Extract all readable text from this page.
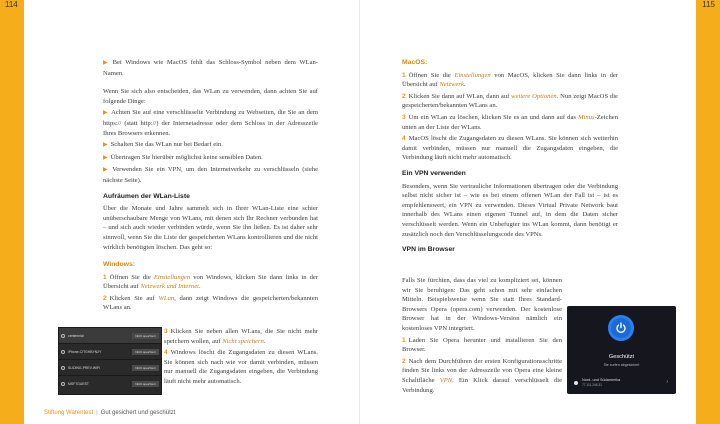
114	115

▶ Bei Windows wie MacOS fehlt das Schloss-Symbol neben dem WLan-Namen.

Wenn Sie sich also entscheiden, das WLan zu verwenden, dann achten Sie auf folgende Dinge:

▶ Achten Sie auf eine verschlüsselte Verbindung zu Webseiten, die Sie an dem https:// (statt http://) der Internetadresse oder dem Schloss in der Adresszeile Ihres Browsers erkennen.

▶ Schalten Sie das WLan nur bei Bedarf ein.

▶ Übertragen Sie hierüber möglichst keine sensiblen Daten.

▶ Verwenden Sie ein VPN, um den Internetverkehr zu verschlüsseln (siehe nächste Seite).

Aufräumen der WLan-Liste

Über die Monate und Jahre sammelt sich in Ihrer WLan-Liste eine schier unüberschaubare Menge von WLans, mit denen sich Ihr Rechner verbunden hat – und sich auch wieder verbinden würde, wenn Sie ihn ließen. Es ist daher sehr sinnvoll, wenn Sie die Liste der gespeicherten WLans kontrollieren und die nicht wirklich benötigten löschen. Das geht so:

Windows:

1 Öffnen Sie die Einstellungen von Windows, klicken Sie dann links in der Übersicht auf Netzwerk und Internet.

2 Klicken Sie auf WLan, dann zeigt Windows die gespeicherten/bekannten WLans an.

3 Klicken Sie neben allen WLans, die Sie nicht mehr speichern wollen, auf Nicht speichern.

4 Windows löscht die Zugangsdaten zu diesen WLans. Sie können sich nach wie vor damit verbinden, müssen nur manuell die Zugangsdaten eingeben, die Verbindung läuft nicht mehr automatisch.

centennial	Nicht speichern
iPhone-CITGHBYN2Y	Nicht speichern
SLIDING-PREV-WIFI	Nicht speichern
MSFTGUEST	Nicht speichern
MacOS:

1 Öffnen Sie die Einstellungen von MacOS, klicken Sie dann links in der Übersicht auf Netzwerk.

2 Klicken Sie dann auf WLan, dann auf weitere Optionen. Nun zeigt MacOS die gespeicherten/bekannten WLans an.

3 Um ein WLan zu löschen, klicken Sie es an und dann auf das Minus-Zeichen unten an der Liste der WLans.

4 MacOS löscht die Zugangsdaten zu diesen WLans. Sie können sich weiterhin damit verbinden, müssen nur manuell die Zugangsdaten eingeben, die Verbindung läuft nicht mehr automatisch.

Ein VPN verwenden

Besonders, wenn Sie vertrauliche Informationen übertragen oder die Verbindung selbst nicht sicher ist – wie es bei einem offenen WLan der Fall ist – ist es empfehlenswert, ein VPN zu verwenden. Dieses Virtual Private Network baut innerhalb des WLans einen eigenen Tunnel auf, in dem die Daten sicher verschlüsselt werden. Wenn ein Unbefugter ins WLan kommt, dann benötigt er zusätzlich noch den Verschlüsselungscode des VPNs.

VPN im Browser

Falls Sie fürchten, dass das viel zu kompliziert sei, können wir Sie beruhigen: Das geht schon mit sehr einfachen Mitteln. Beispielsweise wenn Sie statt Ihres Standard-Browsers Opera (opera.com) verwenden. Der kostenlose Browser hat in der Windows-Version nämlich ein kostenloses VPN integriert.

1 Laden Sie Opera herunter und installieren Sie den Browser.

2 Nach dem Durchführen der ersten Konfigurationsschritte finden Sie links von der Adresszeile von Opera eine kleine Schaltfläche VPN. Ein Klick darauf verschlüsselt die Verbindung.

Geschützt
Sie surfen abgesichert
Nord- und Südamerika
77.111.246.31	›
Stiftung Warentest | Gut gesichert und geschützt
